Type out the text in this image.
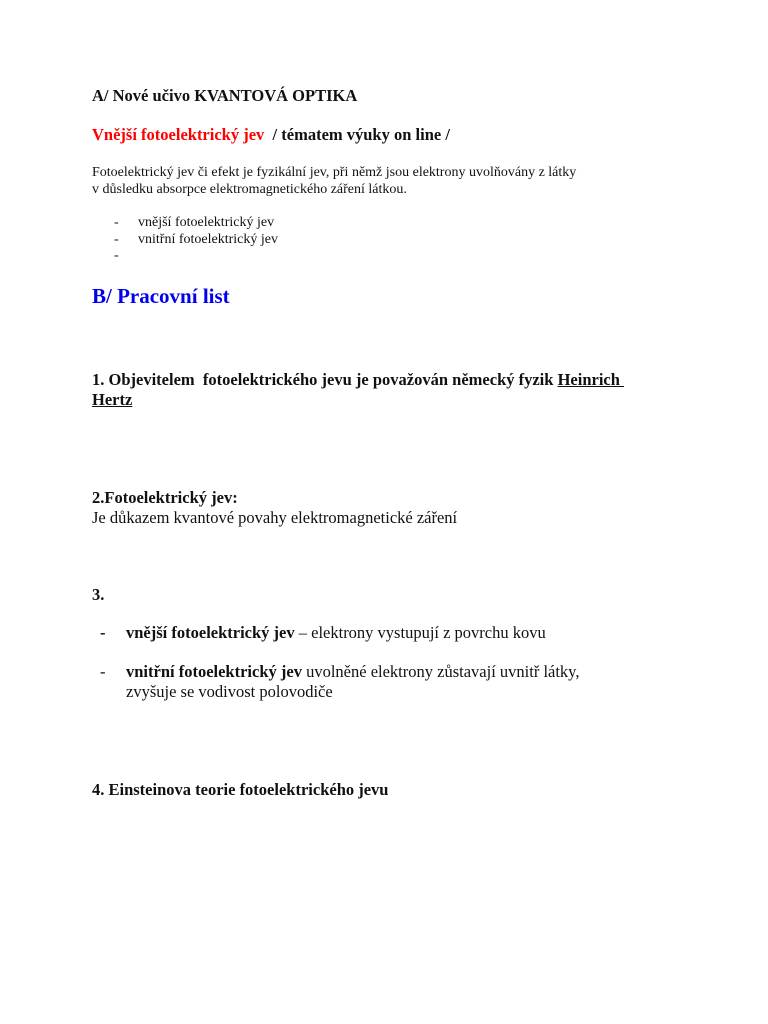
A/ Nové učivo KVANTOVÁ OPTIKA
Vnější fotoelektrický jev  / tématem výuky on line /
Fotoelektrický jev či efekt je fyzikální jev, při němž jsou elektrony uvolňovány z látky
v důsledku absorpce elektromagnetického záření látkou.
- vnější fotoelektrický jev
- vnitřní fotoelektrický jev
-
B/ Pracovní list
1. Objevitelem  fotoelektrického jevu je považován německý fyzik Heinrich
Hertz
2.Fotoelektrický jev:
Je důkazem kvantové povahy elektromagnetické záření
3.
- vnější fotoelektrický jev – elektrony vystupují z povrchu kovu
- vnitřní fotoelektrický jev uvolněné elektrony zůstavají uvnitř látky,
zvyšuje se vodivost polovodiče
4. Einsteinova teorie fotoelektrického jevu
